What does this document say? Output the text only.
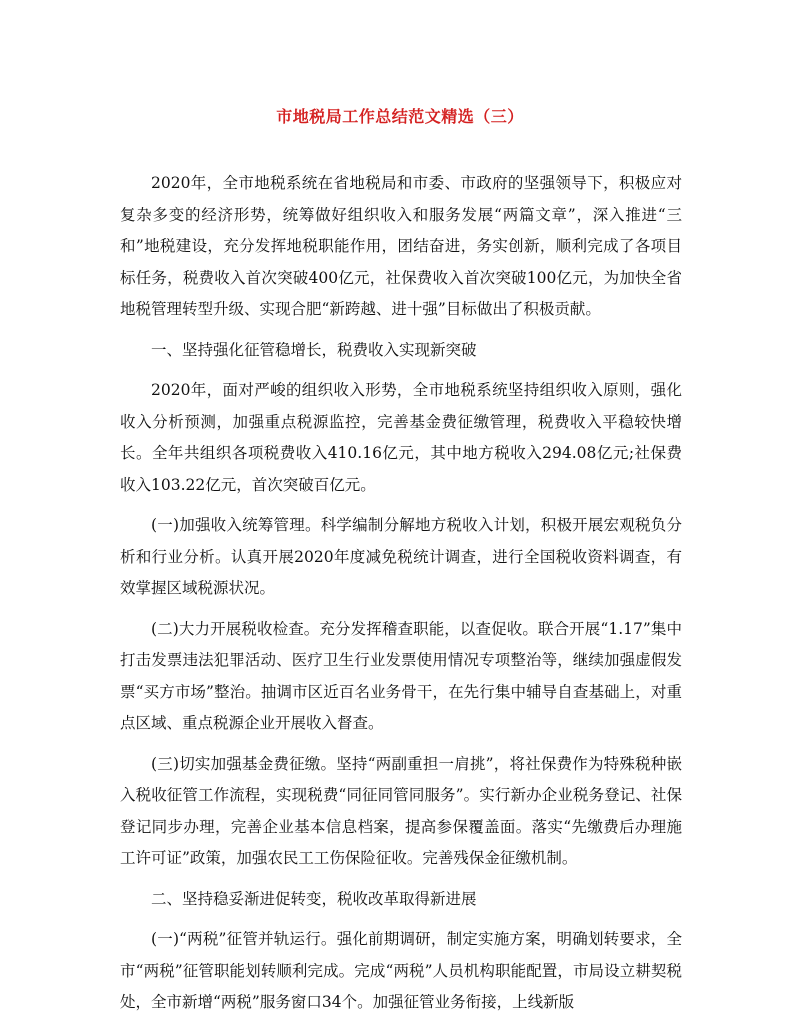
市地税局工作总结范文精选（三）

2020年，全市地税系统在省地税局和市委、市政府的坚强领导下，积极应对复杂多变的经济形势，统筹做好组织收入和服务发展“两篇文章”，深入推进“三和”地税建设，充分发挥地税职能作用，团结奋进，务实创新，顺利完成了各项目标任务，税费收入首次突破400亿元，社保费收入首次突破100亿元，为加快全省地税管理转型升级、实现合肥“新跨越、进十强”目标做出了积极贡献。

一、坚持强化征管稳增长，税费收入实现新突破

2020年，面对严峻的组织收入形势，全市地税系统坚持组织收入原则，强化收入分析预测，加强重点税源监控，完善基金费征缴管理，税费收入平稳较快增长。全年共组织各项税费收入410.16亿元，其中地方税收入294.08亿元;社保费收入103.22亿元，首次突破百亿元。

(一)加强收入统筹管理。科学编制分解地方税收入计划，积极开展宏观税负分析和行业分析。认真开展2020年度减免税统计调查，进行全国税收资料调查，有效掌握区域税源状况。

(二)大力开展税收检查。充分发挥稽查职能，以查促收。联合开展“1.17”集中打击发票违法犯罪活动、医疗卫生行业发票使用情况专项整治等，继续加强虚假发票“买方市场”整治。抽调市区近百名业务骨干，在先行集中辅导自查基础上，对重点区域、重点税源企业开展收入督查。

(三)切实加强基金费征缴。坚持“两副重担一肩挑”，将社保费作为特殊税种嵌入税收征管工作流程，实现税费“同征同管同服务”。实行新办企业税务登记、社保登记同步办理，完善企业基本信息档案，提高参保覆盖面。落实“先缴费后办理施工许可证”政策，加强农民工工伤保险征收。完善残保金征缴机制。

二、坚持稳妥渐进促转变，税收改革取得新进展

(一)“两税”征管并轨运行。强化前期调研，制定实施方案，明确划转要求，全市“两税”征管职能划转顺利完成。完成“两税”人员机构职能配置，市局设立耕契税处，全市新增“两税”服务窗口34个。加强征管业务衔接，上线新版
